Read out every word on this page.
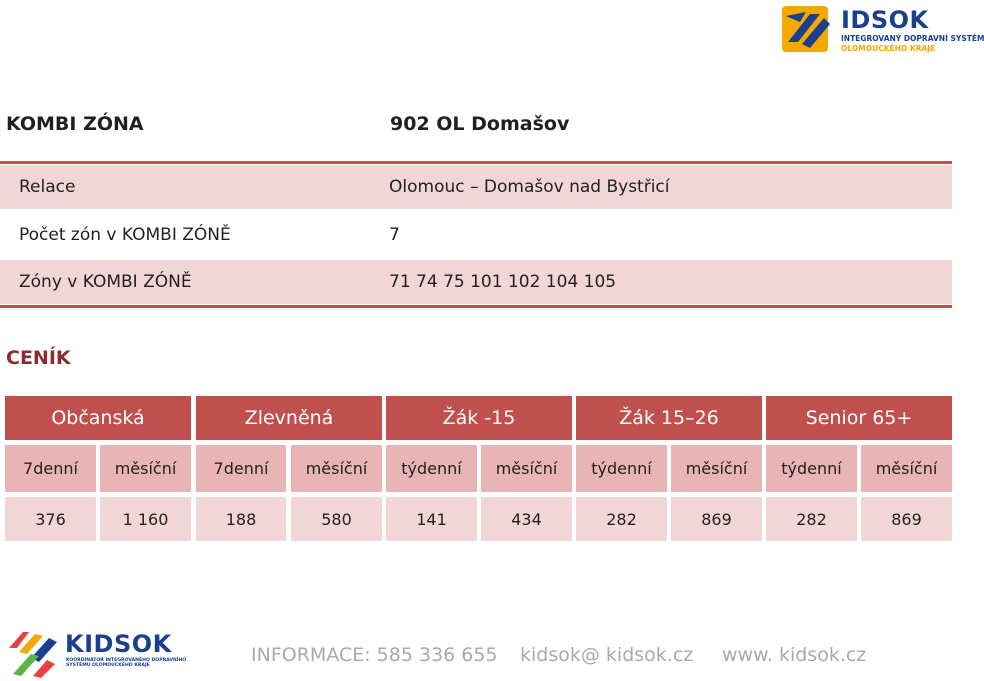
IDSOK
INTEGROVANÝ DOPRAVNÍ SYSTÉM
OLOMOUCKÉHO KRAJE
KOMBI ZÓNA	902 OL Domašov
Relace	Olomouc – Domašov nad Bystřicí
Počet zón v KOMBI ZÓNĚ	7
Zóny v KOMBI ZÓNĚ	71 74 75 101 102 104 105
CENÍK
Občanská	Zlevněná	Žák -15	Žák 15–26	Senior 65+
7denní	měsíční	7denní	měsíční	týdenní	měsíční	týdenní	měsíční	týdenní	měsíční
376	1 160	188	580	141	434	282	869	282	869
KIDSOK
KOORDINÁTOR INTEGROVANÉHO DOPRAVNÍHO
SYSTÉMU OLOMOUCKÉHO KRAJE	INFORMACE: 585 336 655 kidsok@ kidsok.cz www. kidsok.cz
